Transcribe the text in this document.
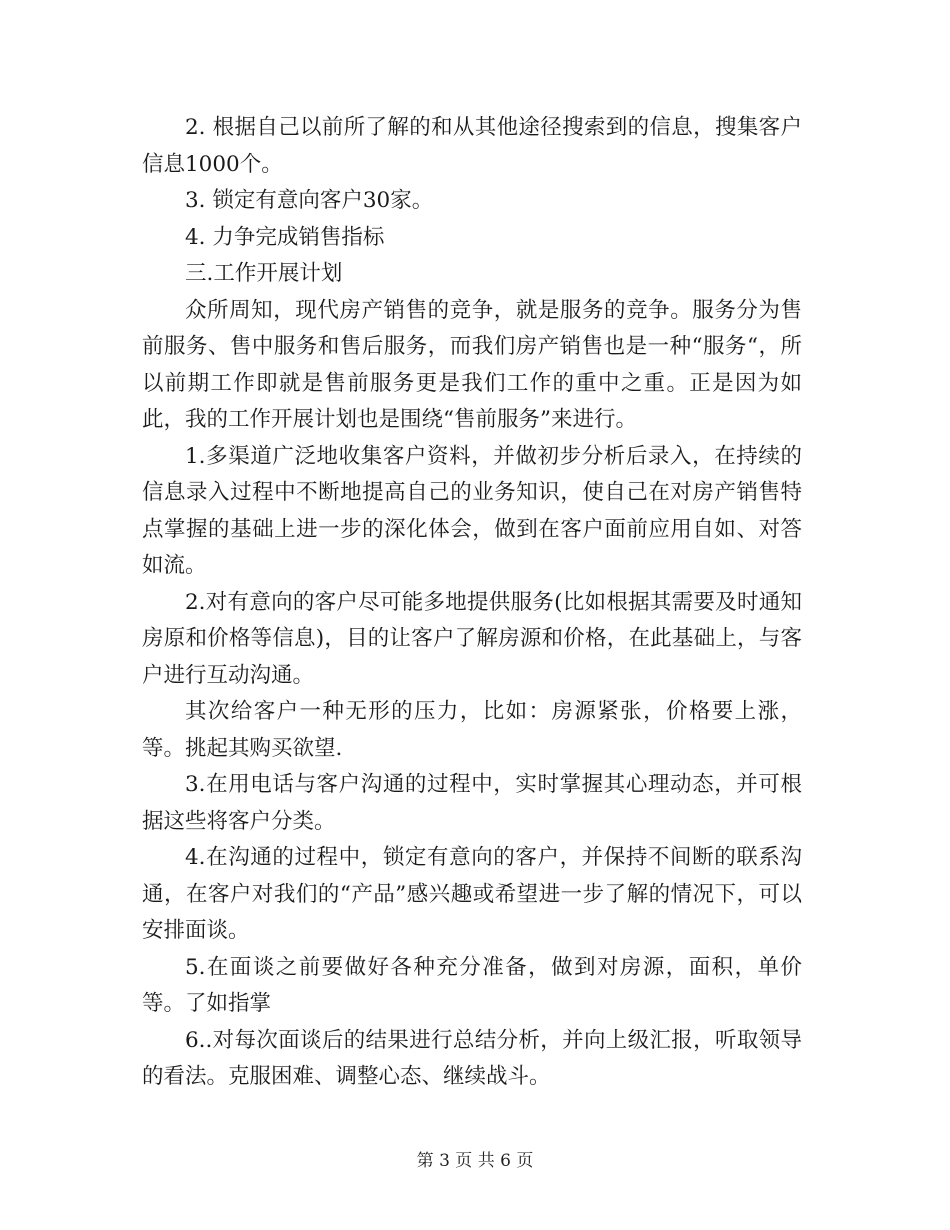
2. 根据自己以前所了解的和从其他途径搜索到的信息，搜集客户信息1000个。

3. 锁定有意向客户30家。

4. 力争完成销售指标

三.工作开展计划

众所周知，现代房产销售的竞争，就是服务的竞争。服务分为售前服务、售中服务和售后服务，而我们房产销售也是一种“服务“，所以前期工作即就是售前服务更是我们工作的重中之重。正是因为如此，我的工作开展计划也是围绕“售前服务”来进行。

1.多渠道广泛地收集客户资料，并做初步分析后录入，在持续的信息录入过程中不断地提高自己的业务知识，使自己在对房产销售特点掌握的基础上进一步的深化体会，做到在客户面前应用自如、对答如流。

2.对有意向的客户尽可能多地提供服务(比如根据其需要及时通知房原和价格等信息)，目的让客户了解房源和价格，在此基础上，与客户进行互动沟通。

其次给客户一种无形的压力，比如：房源紧张，价格要上涨，等。挑起其购买欲望.

3.在用电话与客户沟通的过程中，实时掌握其心理动态，并可根据这些将客户分类。

4.在沟通的过程中，锁定有意向的客户，并保持不间断的联系沟通，在客户对我们的“产品”感兴趣或希望进一步了解的情况下，可以安排面谈。

5.在面谈之前要做好各种充分准备，做到对房源，面积，单价等。了如指掌

6..对每次面谈后的结果进行总结分析，并向上级汇报，听取领导的看法。克服困难、调整心态、继续战斗。

第 3 页 共 6 页
